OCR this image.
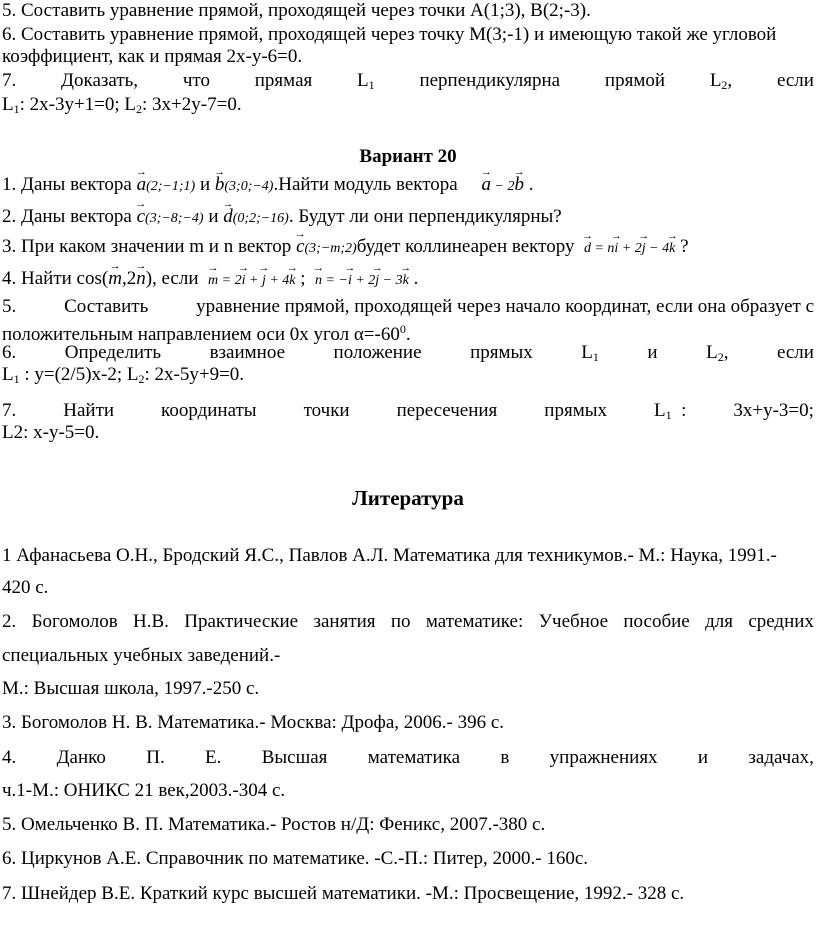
5. Составить уравнение прямой, проходящей через точки А(1;3), В(2;-3).
6. Составить уравнение прямой, проходящей через точку М(3;-1) и имеющую такой же угловой
коэффициент, как и прямая 2х-у-6=0.
7. Доказать, что прямая $L_1$ перпендикулярна прямой $L_2$, если
$L_1$: 2х-3у+1=0; $L_2$: 3х+2у-7=0.
Вариант 20
1. Даны вектора → a(2;−1;1) и → b(3;0;−4).Найти модуль вектора → a − 2→ b .
2. Даны вектора → c(3;−8;−4) и → d(0;2;−16). Будут ли они перпендикулярны?
3. При каком значении m и n вектор → c(3;−m;2)будет коллинеарен вектору → d = n→ i + 2→ j − 4→ k ?
4. Найти cos(→ m,2→ n), если → m = 2→ i + → j + 4→ k ; → n = −→ i + 2→ j − 3→ k .
5.	Составить	уравнение прямой, проходящей через начало координат, если она образует с
положительным направлением оси 0х угол $\alpha=-60^0$.
6.	Определить	взаимное	положение	прямых	$L_1$	и	$L_2$,	если
$L_1$ : у=(2/5)х-2; $L_2$: 2х-5у+9=0.
7. Найти координаты точки пересечения прямых $L_1$ : 3х+у-3=0;
L2: х-у-5=0.
Литература
1 Афанасьева О.Н., Бродский Я.С., Павлов А.Л. Математика для техникумов.- М.: Наука, 1991.-
420 с.
2. Богомолов Н.В. Практические занятия по математике: Учебное пособие для средних
специальных учебных заведений.-
М.: Высшая школа, 1997.-250 с.
3. Богомолов Н. В. Математика.- Москва: Дрофа, 2006.- 396 с.
4. Данко П. Е. Высшая математика в упражнениях и задачах,
ч.1-М.: ОНИКС 21 век,2003.-304 с.
5. Омельченко В. П. Математика.- Ростов н/Д: Феникс, 2007.-380 с.
6. Циркунов А.Е. Справочник по математике. -С.-П.: Питер, 2000.- 160с.
7. Шнейдер В.Е. Краткий курс высшей математики. -М.: Просвещение, 1992.- 328 с.
